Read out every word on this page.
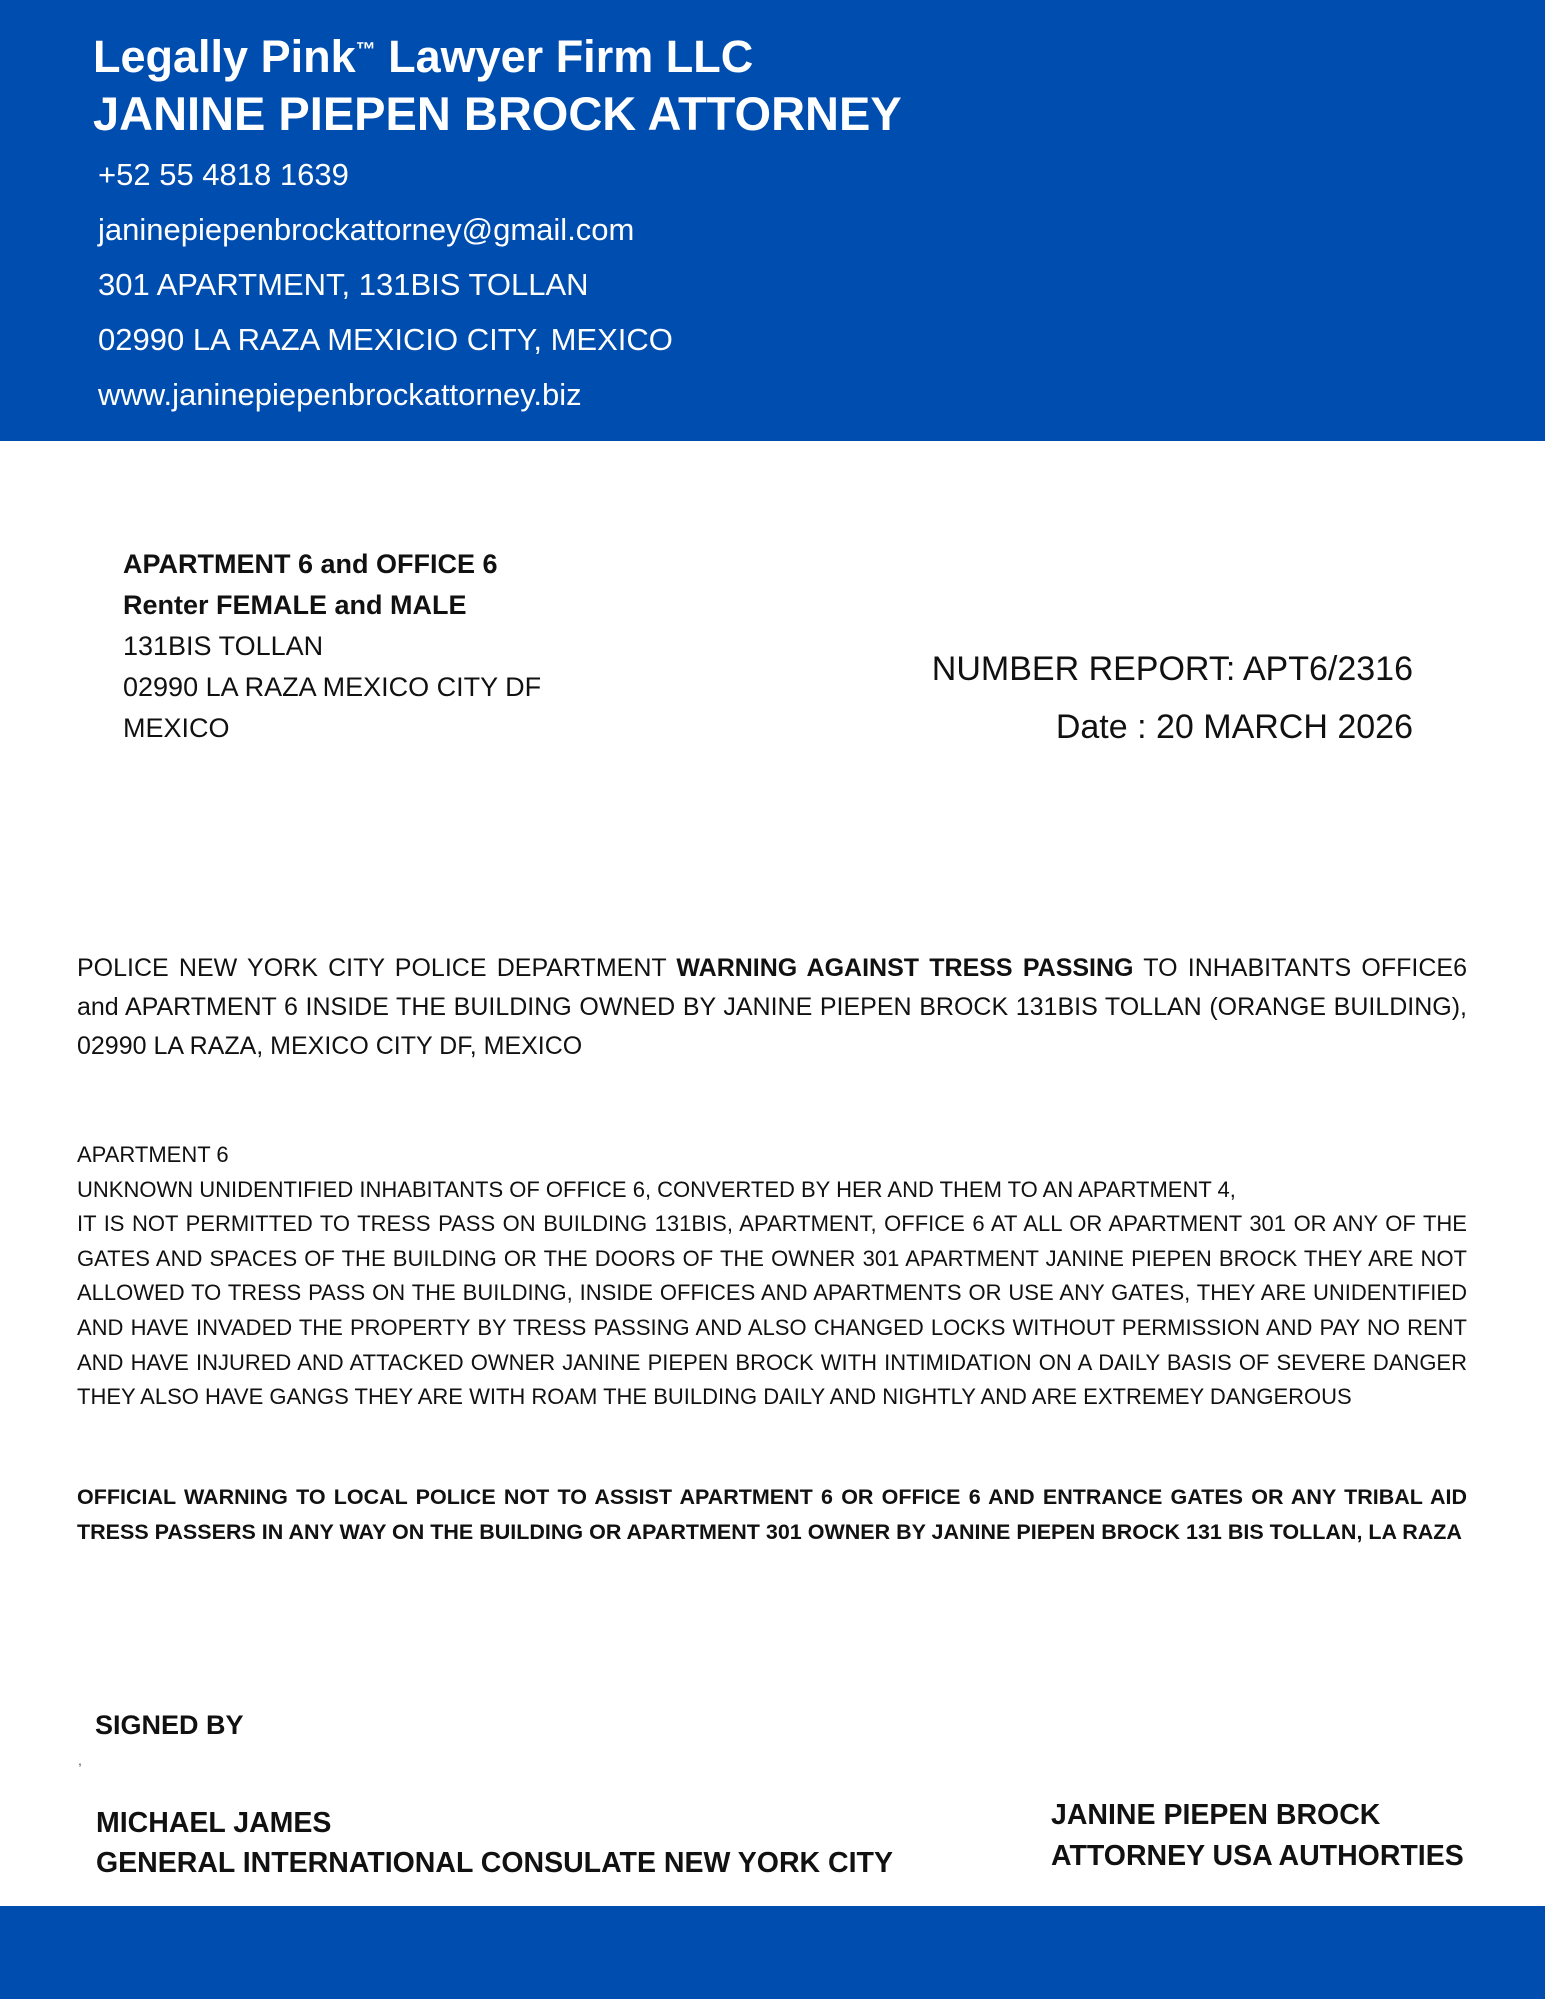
Legally Pink™ Lawyer Firm LLC
JANINE PIEPEN BROCK ATTORNEY
+52 55 4818 1639
janinepiepenbrockattorney@gmail.com
301 APARTMENT, 131BIS TOLLAN
02990 LA RAZA MEXICIO CITY, MEXICO
www.janinepiepenbrockattorney.biz
APARTMENT 6 and OFFICE 6
Renter FEMALE and MALE
131BIS TOLLAN
02990 LA RAZA MEXICO CITY DF
MEXICO
NUMBER REPORT: APT6/2316
Date : 20 MARCH 2026
POLICE NEW YORK CITY POLICE DEPARTMENT WARNING AGAINST TRESS PASSING TO INHABITANTS OFFICE6 and APARTMENT 6 INSIDE THE BUILDING OWNED BY JANINE PIEPEN BROCK 131BIS TOLLAN (ORANGE BUILDING), 02990 LA RAZA, MEXICO CITY DF, MEXICO
APARTMENT 6
UNKNOWN UNIDENTIFIED INHABITANTS OF OFFICE 6, CONVERTED BY HER AND THEM TO AN APARTMENT 4,
IT IS NOT PERMITTED TO TRESS PASS ON BUILDING 131BIS, APARTMENT, OFFICE 6 AT ALL OR APARTMENT 301 OR ANY OF THE GATES AND SPACES OF THE BUILDING OR THE DOORS OF THE OWNER 301 APARTMENT JANINE PIEPEN BROCK THEY ARE NOT ALLOWED TO TRESS PASS ON THE BUILDING, INSIDE OFFICES AND APARTMENTS OR USE ANY GATES, THEY ARE UNIDENTIFIED AND HAVE INVADED THE PROPERTY BY TRESS PASSING AND ALSO CHANGED LOCKS WITHOUT PERMISSION AND PAY NO RENT AND HAVE INJURED AND ATTACKED OWNER JANINE PIEPEN BROCK WITH INTIMIDATION ON A DAILY BASIS OF SEVERE DANGER THEY ALSO HAVE GANGS THEY ARE WITH ROAM THE BUILDING DAILY AND NIGHTLY AND ARE EXTREMEY DANGEROUS
OFFICIAL WARNING TO LOCAL POLICE NOT TO ASSIST APARTMENT 6 OR OFFICE 6 AND ENTRANCE GATES OR ANY TRIBAL AID TRESS PASSERS IN ANY WAY ON THE BUILDING OR APARTMENT 301 OWNER BY JANINE PIEPEN BROCK 131 BIS TOLLAN, LA RAZA
SIGNED BY
,
MICHAEL JAMES
GENERAL INTERNATIONAL CONSULATE NEW YORK CITY
JANINE PIEPEN BROCK
ATTORNEY USA AUTHORTIES
